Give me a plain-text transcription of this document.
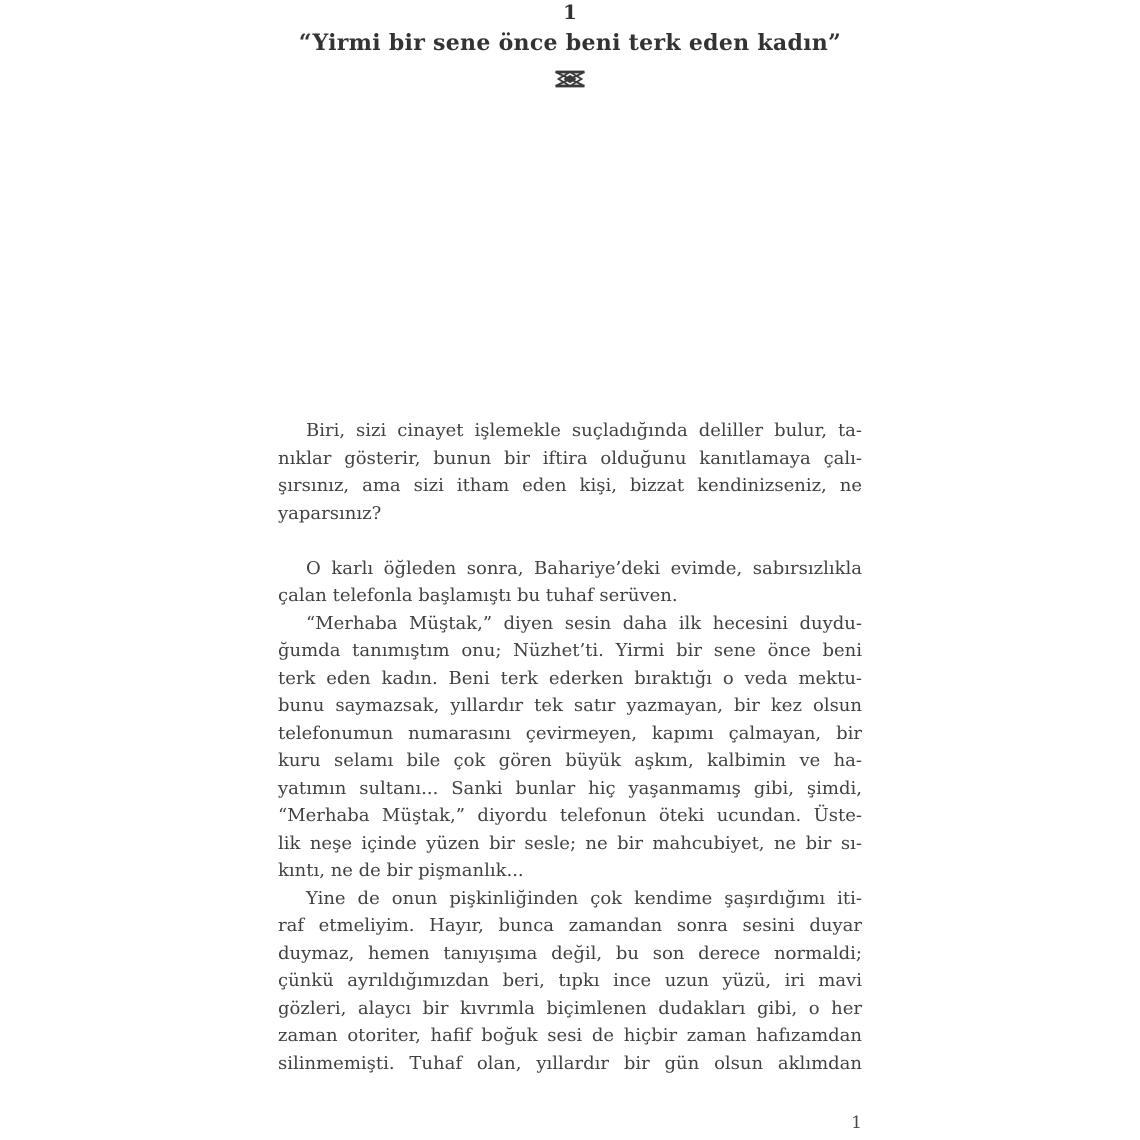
1
“Yirmi bir sene önce beni terk eden kadın”
Biri, sizi cinayet işlemekle suçladığında deliller bulur, ta-
nıklar gösterir, bunun bir iftira olduğunu kanıtlamaya çalı-
şırsınız, ama sizi itham eden kişi, bizzat kendinizseniz, ne
yaparsınız?
O karlı öğleden sonra, Bahariye’deki evimde, sabırsızlıkla
çalan telefonla başlamıştı bu tuhaf serüven.
“Merhaba Müştak,” diyen sesin daha ilk hecesini duydu-
ğumda tanımıştım onu; Nüzhet’ti. Yirmi bir sene önce beni
terk eden kadın. Beni terk ederken bıraktığı o veda mektu-
bunu saymazsak, yıllardır tek satır yazmayan, bir kez olsun
telefonumun numarasını çevirmeyen, kapımı çalmayan, bir
kuru selamı bile çok gören büyük aşkım, kalbimin ve ha-
yatımın sultanı... Sanki bunlar hiç yaşanmamış gibi, şimdi,
“Merhaba Müştak,” diyordu telefonun öteki ucundan. Üste-
lik neşe içinde yüzen bir sesle; ne bir mahcubiyet, ne bir sı-
kıntı, ne de bir pişmanlık...
Yine de onun pişkinliğinden çok kendime şaşırdığımı iti-
raf etmeliyim. Hayır, bunca zamandan sonra sesini duyar
duymaz, hemen tanıyışıma değil, bu son derece normaldi;
çünkü ayrıldığımızdan beri, tıpkı ince uzun yüzü, iri mavi
gözleri, alaycı bir kıvrımla biçimlenen dudakları gibi, o her
zaman otoriter, hafif boğuk sesi de hiçbir zaman hafızamdan
silinmemişti. Tuhaf olan, yıllardır bir gün olsun aklımdan
1
